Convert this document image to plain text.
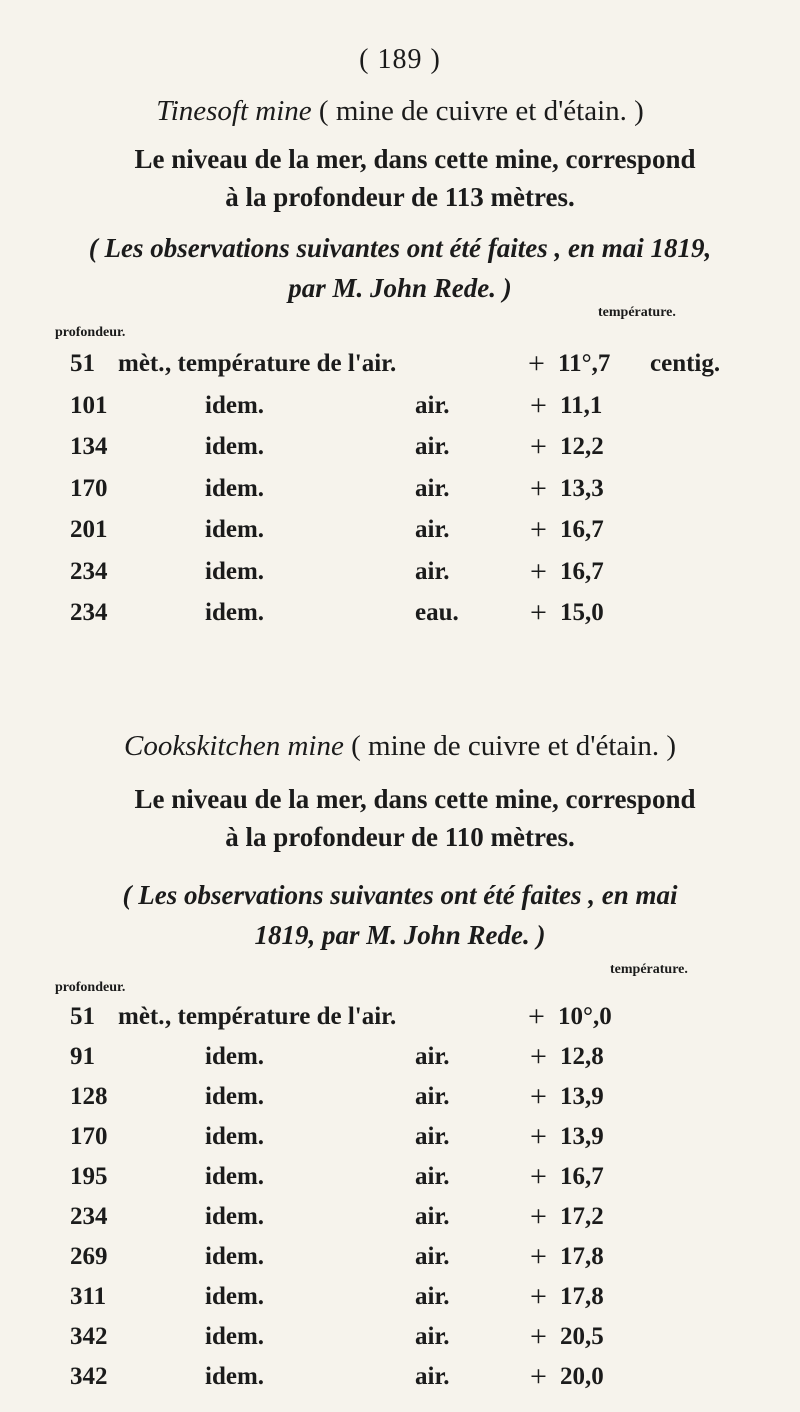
( 189 )
Tinesoft mine ( mine de cuivre et d'étain. )
Le niveau de la mer, dans cette mine, correspond
à la profondeur de 113 mètres.
( Les observations suivantes ont été faites , en mai 1819,
par M. John Rede. )
profondeur.
température.
51 mèt. , température de l'air.	+ 11°,7 centig.
101	idem.	air.	+ 11,1
134	idem.	air.	+ 12,2
170	idem.	air.	+ 13,3
201	idem.	air.	+ 16,7
234	idem.	air.	+ 16,7
234	idem.	eau. + 15,0
Cookskitchen mine ( mine de cuivre et d'étain. )
Le niveau de la mer, dans cette mine, correspond
à la profondeur de 110 mètres.
( Les observations suivantes ont été faites , en mai
1819, par M. John Rede. )
profondeur.
température.
51 mèt. , température de l'air.	+ 10°,0
91	idem.	air.	+ 12,8
128	idem.	air.	+ 13,9
170	idem.	air.	+ 13,9
195	idem.	air.	+ 16,7
234	idem.	air.	+ 17,2
269	idem.	air.	+ 17,8
311	idem.	air.	+ 17,8
342	idem.	air.	+ 20,5
342	idem.	air.	+ 20,0
